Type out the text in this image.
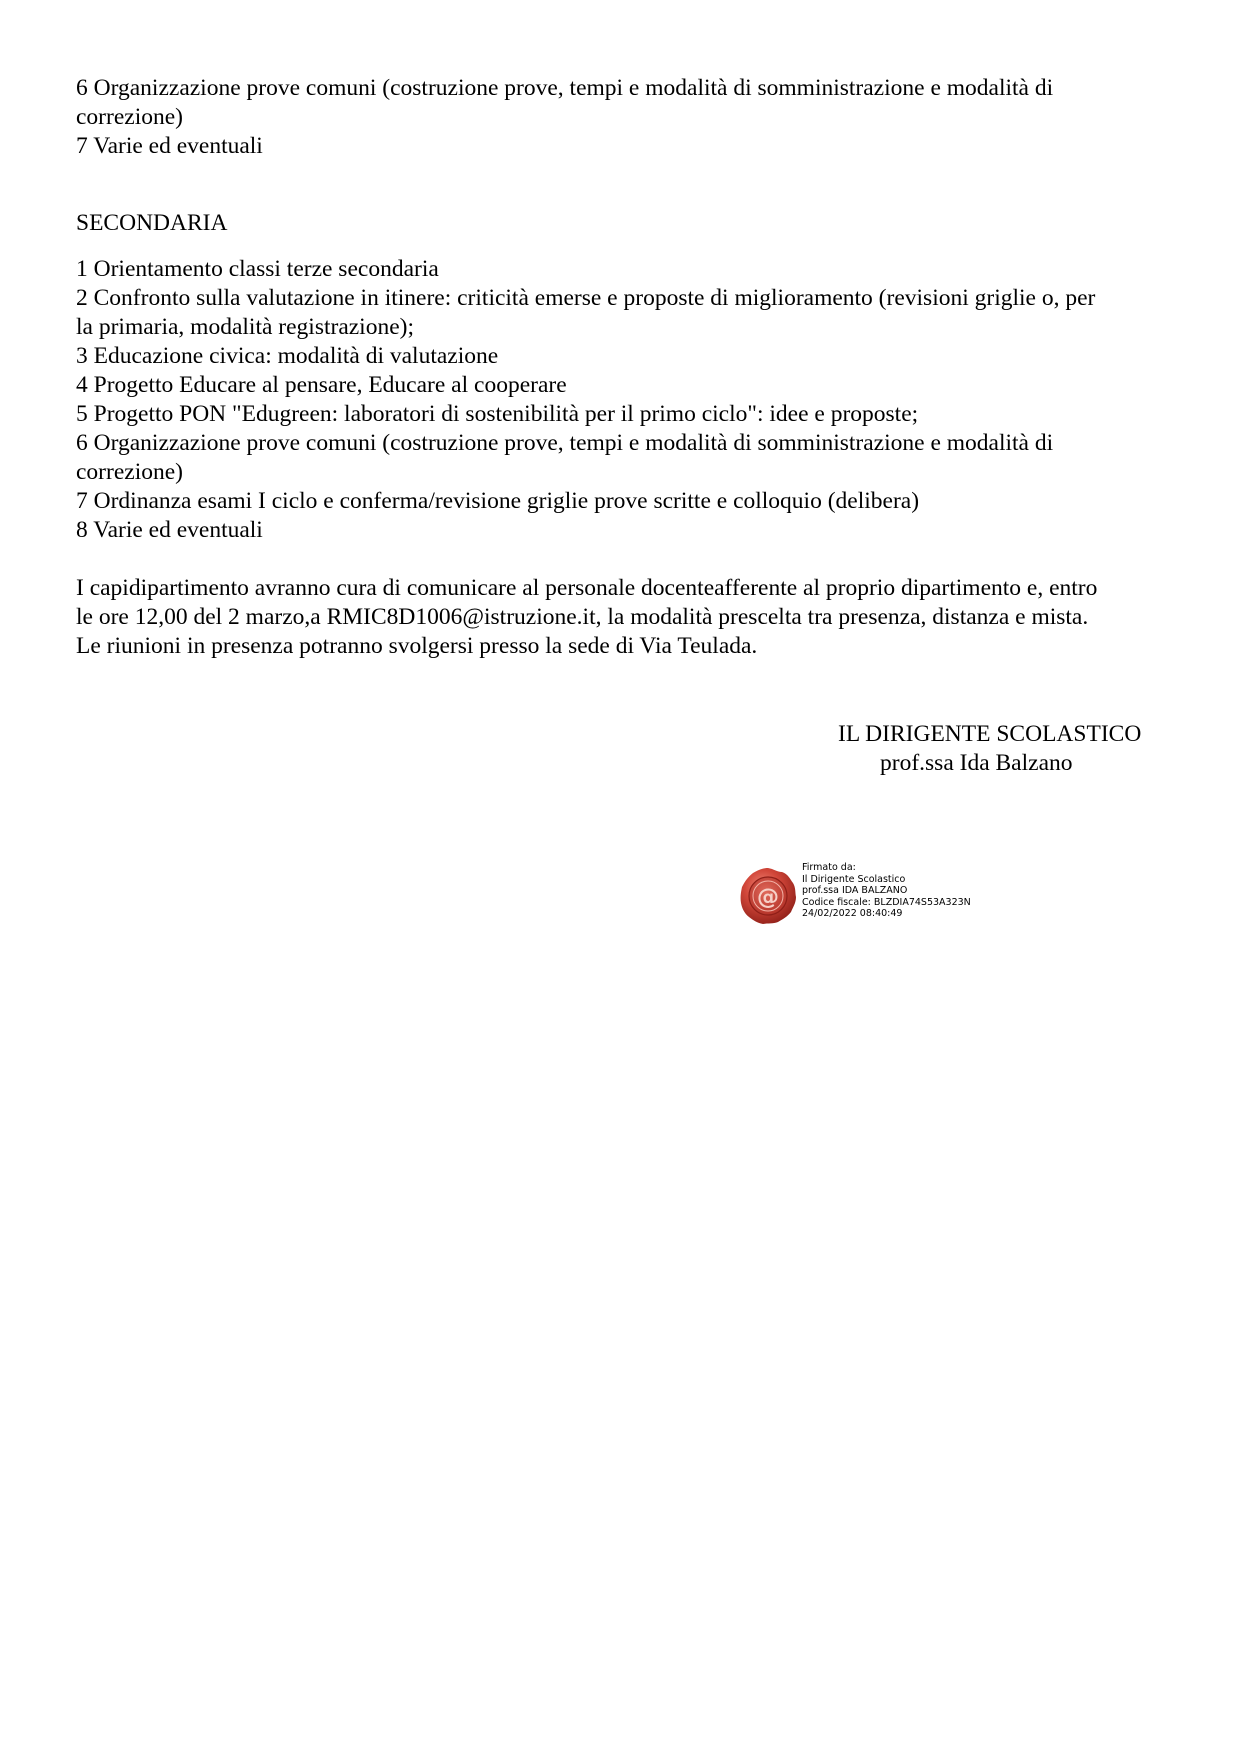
6 Organizzazione prove comuni (costruzione prove, tempi e modalità di somministrazione e modalità di
correzione)
7 Varie ed eventuali
SECONDARIA
1 Orientamento classi terze secondaria
2 Confronto sulla valutazione in itinere: criticità emerse e proposte di miglioramento (revisioni griglie o, per
la primaria, modalità registrazione);
3 Educazione civica: modalità di valutazione
4 Progetto Educare al pensare, Educare al cooperare
5 Progetto PON "Edugreen: laboratori di sostenibilità per il primo ciclo": idee e proposte;
6 Organizzazione prove comuni (costruzione prove, tempi e modalità di somministrazione e modalità di
correzione)
7 Ordinanza esami I ciclo e conferma/revisione griglie prove scritte e colloquio (delibera)
8 Varie ed eventuali
I capidipartimento avranno cura di comunicare al personale docenteafferente al proprio dipartimento e, entro
le ore 12,00 del 2 marzo,a RMIC8D1006@istruzione.it, la modalità prescelta tra presenza, distanza e mista.
Le riunioni in presenza potranno svolgersi presso la sede di Via Teulada.
IL DIRIGENTE SCOLASTICO
prof.ssa Ida Balzano
@
Firmato da:
Il Dirigente Scolastico
prof.ssa IDA BALZANO
Codice fiscale: BLZDIA74S53A323N
24/02/2022 08:40:49
